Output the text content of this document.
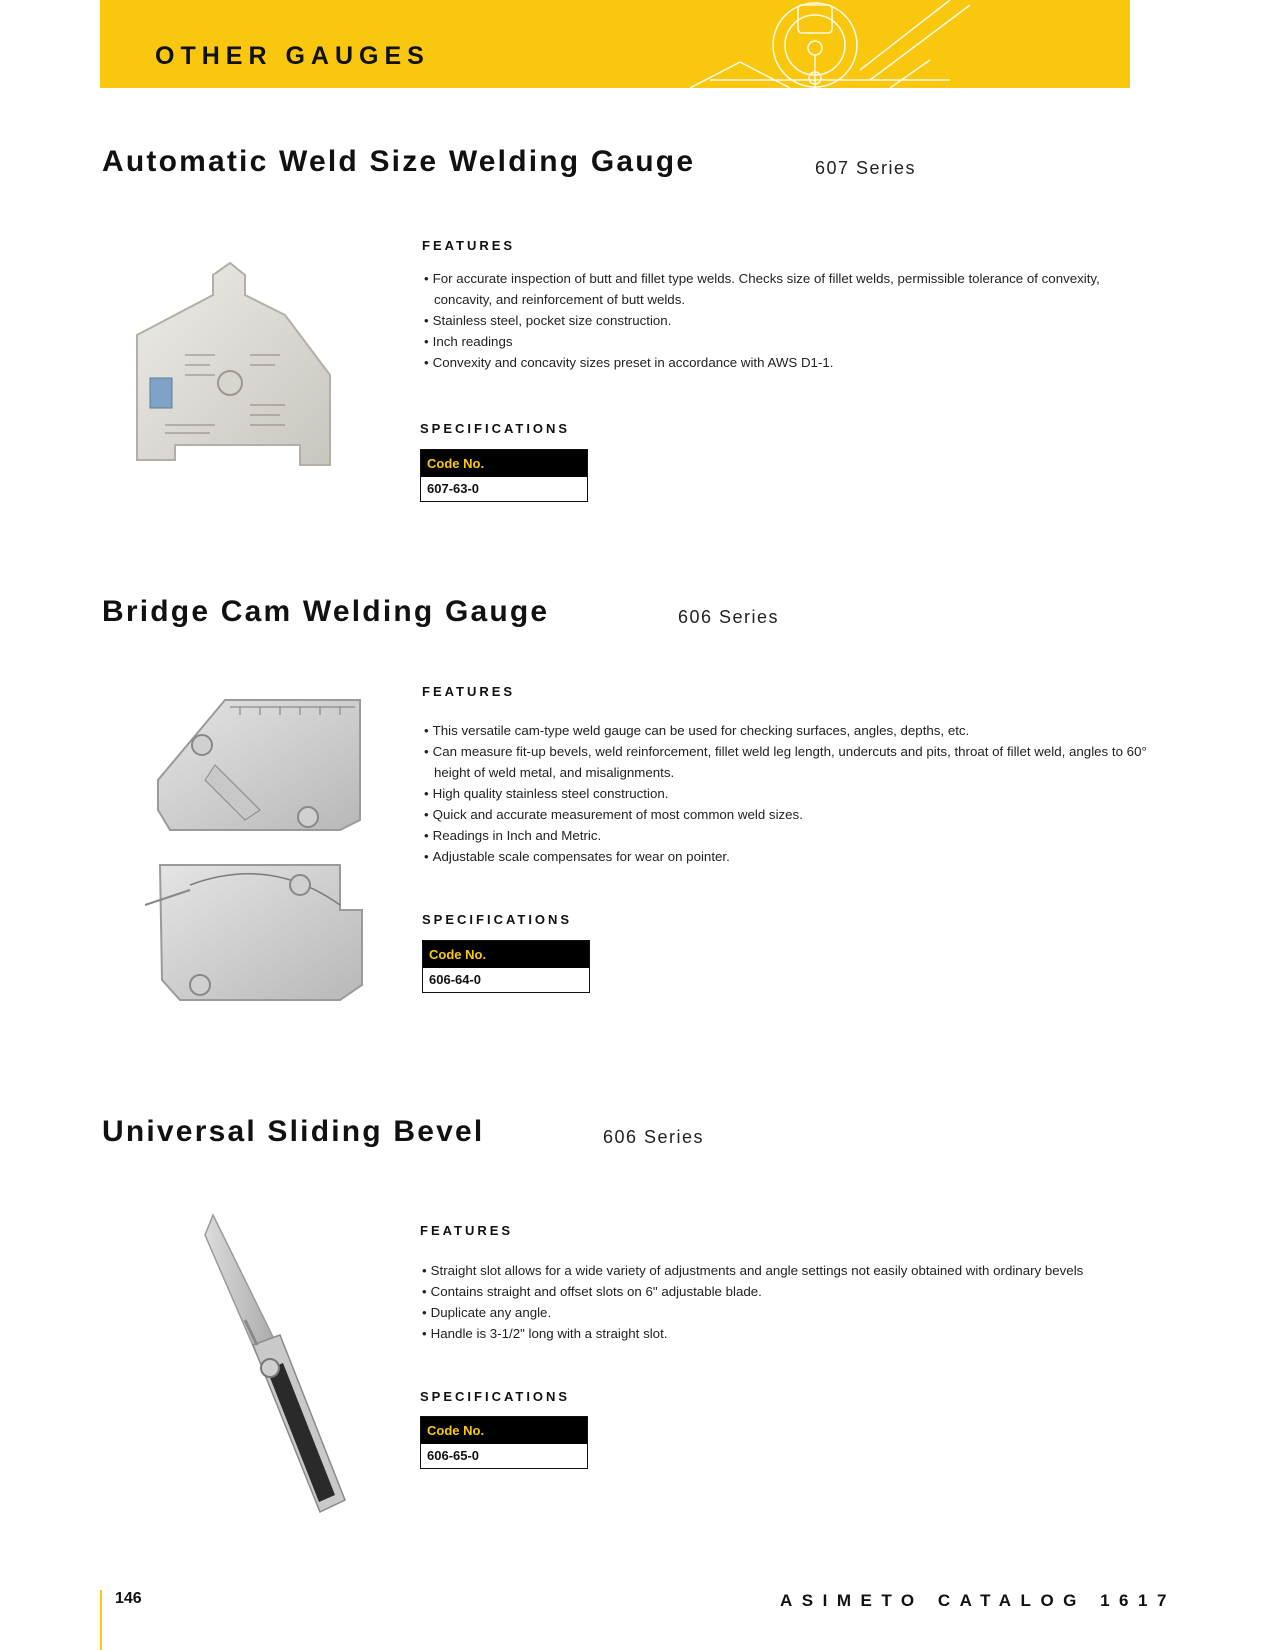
OTHER GAUGES
Automatic Weld Size Welding Gauge	607 Series
FEATURES
• For accurate inspection of butt and fillet type welds. Checks size of fillet welds, permissible tolerance of convexity, concavity, and reinforcement of butt welds.
• Stainless steel, pocket size construction.
• Inch readings
• Convexity and concavity sizes preset in accordance with AWS D1-1.
SPECIFICATIONS
Code No.
607-63-0
Bridge Cam Welding Gauge	606 Series
FEATURES
• This versatile cam-type weld gauge can be used for checking surfaces, angles, depths, etc.
• Can measure fit-up bevels, weld reinforcement, fillet weld leg length, undercuts and pits, throat of fillet weld, angles to 60° height of weld metal, and misalignments.
• High quality stainless steel construction.
• Quick and accurate measurement of most common weld sizes.
• Readings in Inch and Metric.
• Adjustable scale compensates for wear on pointer.
SPECIFICATIONS
Code No.
606-64-0
Universal Sliding Bevel	606 Series
FEATURES
• Straight slot allows for a wide variety of adjustments and angle settings not easily obtained with ordinary bevels
• Contains straight and offset slots on 6" adjustable blade.
• Duplicate any angle.
• Handle is 3-1/2" long with a straight slot.
SPECIFICATIONS
Code No.
606-65-0
146	ASIMETO CATALOG 1617
